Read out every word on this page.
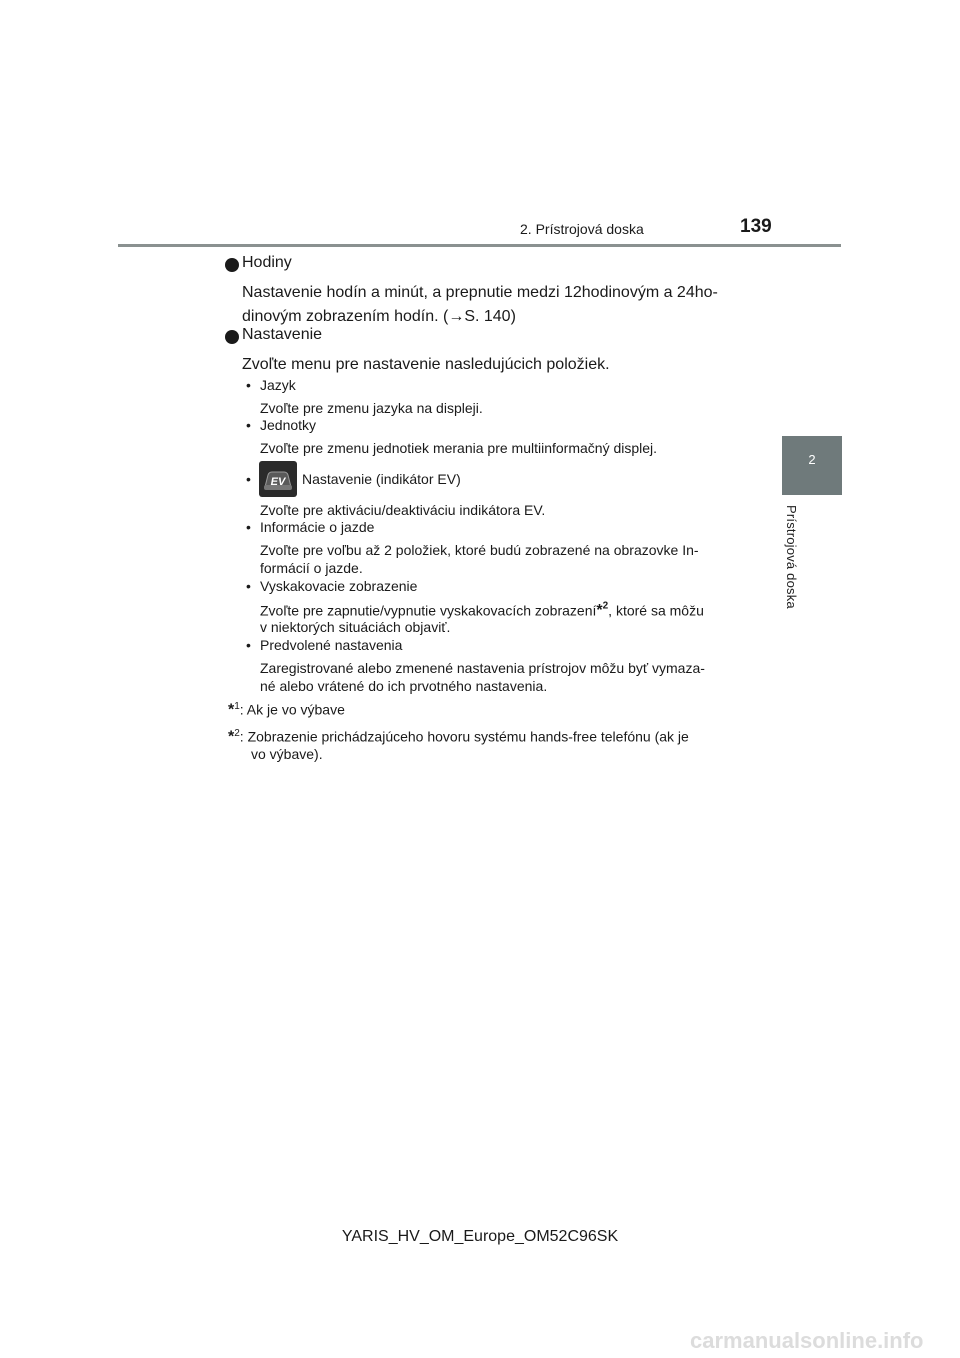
2. Prístrojová doska	139
2
Prístrojová doska
Hodiny
Nastavenie hodín a minút, a prepnutie medzi 12hodinovým a 24ho-
dinovým zobrazením hodín. (→S. 140)
Nastavenie
Zvoľte menu pre nastavenie nasledujúcich položiek.
• Jazyk
Zvoľte pre zmenu jazyka na displeji.
• Jednotky
Zvoľte pre zmenu jednotiek merania pre multiinformačný displej.
• EV Nastavenie (indikátor EV)
Zvoľte pre aktiváciu/deaktiváciu indikátora EV.
• Informácie o jazde
Zvoľte pre voľbu až 2 položiek, ktoré budú zobrazené na obrazovke In-
formácií o jazde.
• Vyskakovacie zobrazenie
Zvoľte pre zapnutie/vypnutie vyskakovacích zobrazení*$^2$, ktoré sa môžu
v niektorých situáciách objaviť.
• Predvolené nastavenia
Zaregistrované alebo zmenené nastavenia prístrojov môžu byť vymaza-
né alebo vrátené do ich prvotného nastavenia.
*$^1$: Ak je vo výbave
*$^2$: Zobrazenie prichádzajúceho hovoru systému hands-free telefónu (ak je
vo výbave).
YARIS_HV_OM_Europe_OM52C96SK
carmanualsonline.info
